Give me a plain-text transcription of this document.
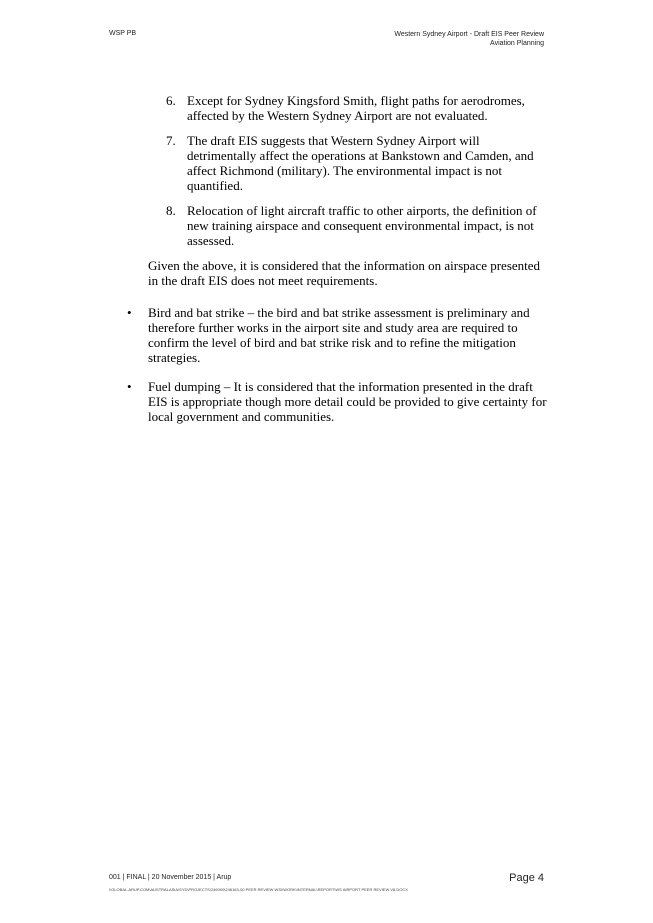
WSP PB	Western Sydney Airport - Draft EIS Peer Review
Aviation Planning
6. Except for Sydney Kingsford Smith, flight paths for aerodromes, affected by the Western Sydney Airport are not evaluated.
7. The draft EIS suggests that Western Sydney Airport will detrimentally affect the operations at Bankstown and Camden, and affect Richmond (military). The environmental impact is not quantified.
8. Relocation of light aircraft traffic to other airports, the definition of new training airspace and consequent environmental impact, is not assessed.

Given the above, it is considered that the information on airspace presented in the draft EIS does not meet requirements.

• Bird and bat strike – the bird and bat strike assessment is preliminary and therefore further works in the airport site and study area are required to confirm the level of bird and bat strike risk and to refine the mitigation strategies.
• Fuel dumping – It is considered that the information presented in the draft EIS is appropriate though more detail could be provided to give certainty for local government and communities.
001 | FINAL | 20 November 2015 | Arup
\\GLOBAL.ARUP.COM\AUSTRALASIA\SYD\PROJECTS\246000\246163-00 PEER REVIEW WSI\WORK\INTERNAL\REPORT\WS AIRPORT PEER REVIEW V8.DOCX
Page 4
